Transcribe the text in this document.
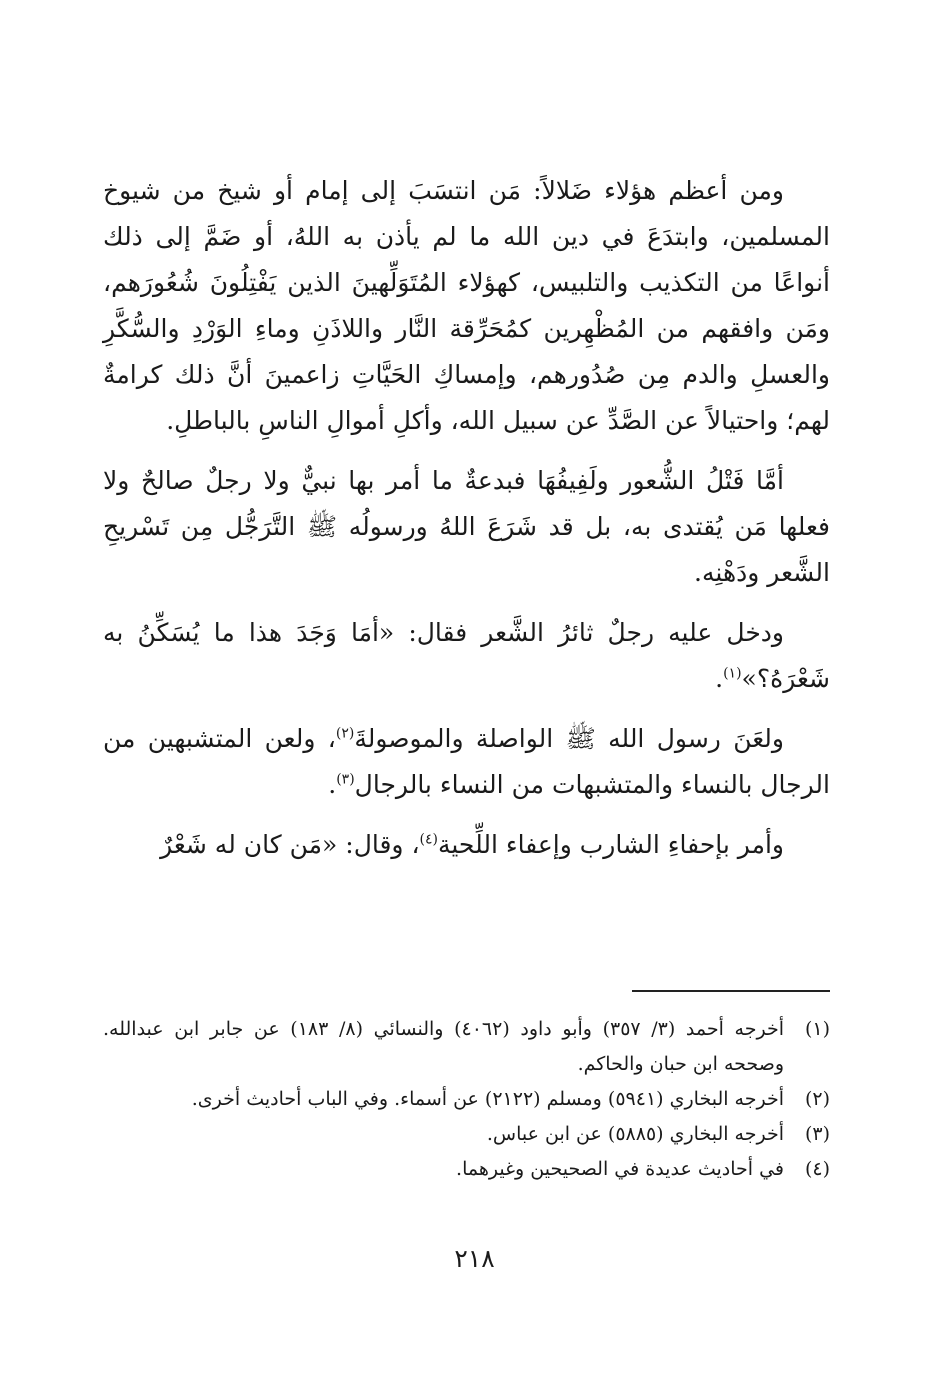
ومن أعظم هؤلاء ضَلالاً: مَن انتسَبَ إلى إمام أو شيخ من شيوخ المسلمين، وابتدَعَ في دين الله ما لم يأذن به اللهُ، أو ضَمَّ إلى ذلك أنواعًا من التكذيب والتلبيس، كهؤلاء المُتَوَلِّهينَ الذين يَفْتِلُونَ شُعُورَهم، ومَن وافقهم من المُظْهِرين كمُحَرِّقة النَّار واللاذَنِ وماءِ الوَرْدِ والسُّكَّرِ والعسلِ والدم مِن صُدُورهم، وإمساكِ الحَيَّاتِ زاعمينَ أنَّ ذلك كرامةٌ لهم؛ واحتيالاً عن الصَّدِّ عن سبيل الله، وأكلِ أموالِ الناسِ بالباطلِ.

أمَّا فَتْلُ الشُّعور ولَفِيفُهَا فبدعةٌ ما أمر بها نبيٌّ ولا رجلٌ صالحٌ ولا فعلها مَن يُقتدى به، بل قد شَرَعَ اللهُ ورسولُه ﷺ التَّرَجُّل مِن تَسْريحِ الشَّعر ودَهْنِه.

ودخل عليه رجلٌ ثائرُ الشَّعر فقال: «أمَا وَجَدَ هذا ما يُسَكِّنُ به شَعْرَهُ؟»$^{(١)}$.

ولعَنَ رسول الله ﷺ الواصلة والموصولةَ$^{(٢)}$، ولعن المتشبهين من الرجال بالنساء والمتشبهات من النساء بالرجال$^{(٣)}$.

وأمر بإحفاءِ الشارب وإعفاء اللِّحية$^{(٤)}$، وقال: «مَن كان له شَعْرٌ

(١)
أخرجه أحمد (٣/ ٣٥٧) وأبو داود (٤٠٦٢) والنسائي (٨/ ١٨٣) عن جابر ابن عبدالله. وصححه ابن حبان والحاكم.

(٢)
أخرجه البخاري (٥٩٤١) ومسلم (٢١٢٢) عن أسماء. وفي الباب أحاديث أخرى.

(٣)
أخرجه البخاري (٥٨٨٥) عن ابن عباس.

(٤)
في أحاديث عديدة في الصحيحين وغيرهما.

٢١٨
